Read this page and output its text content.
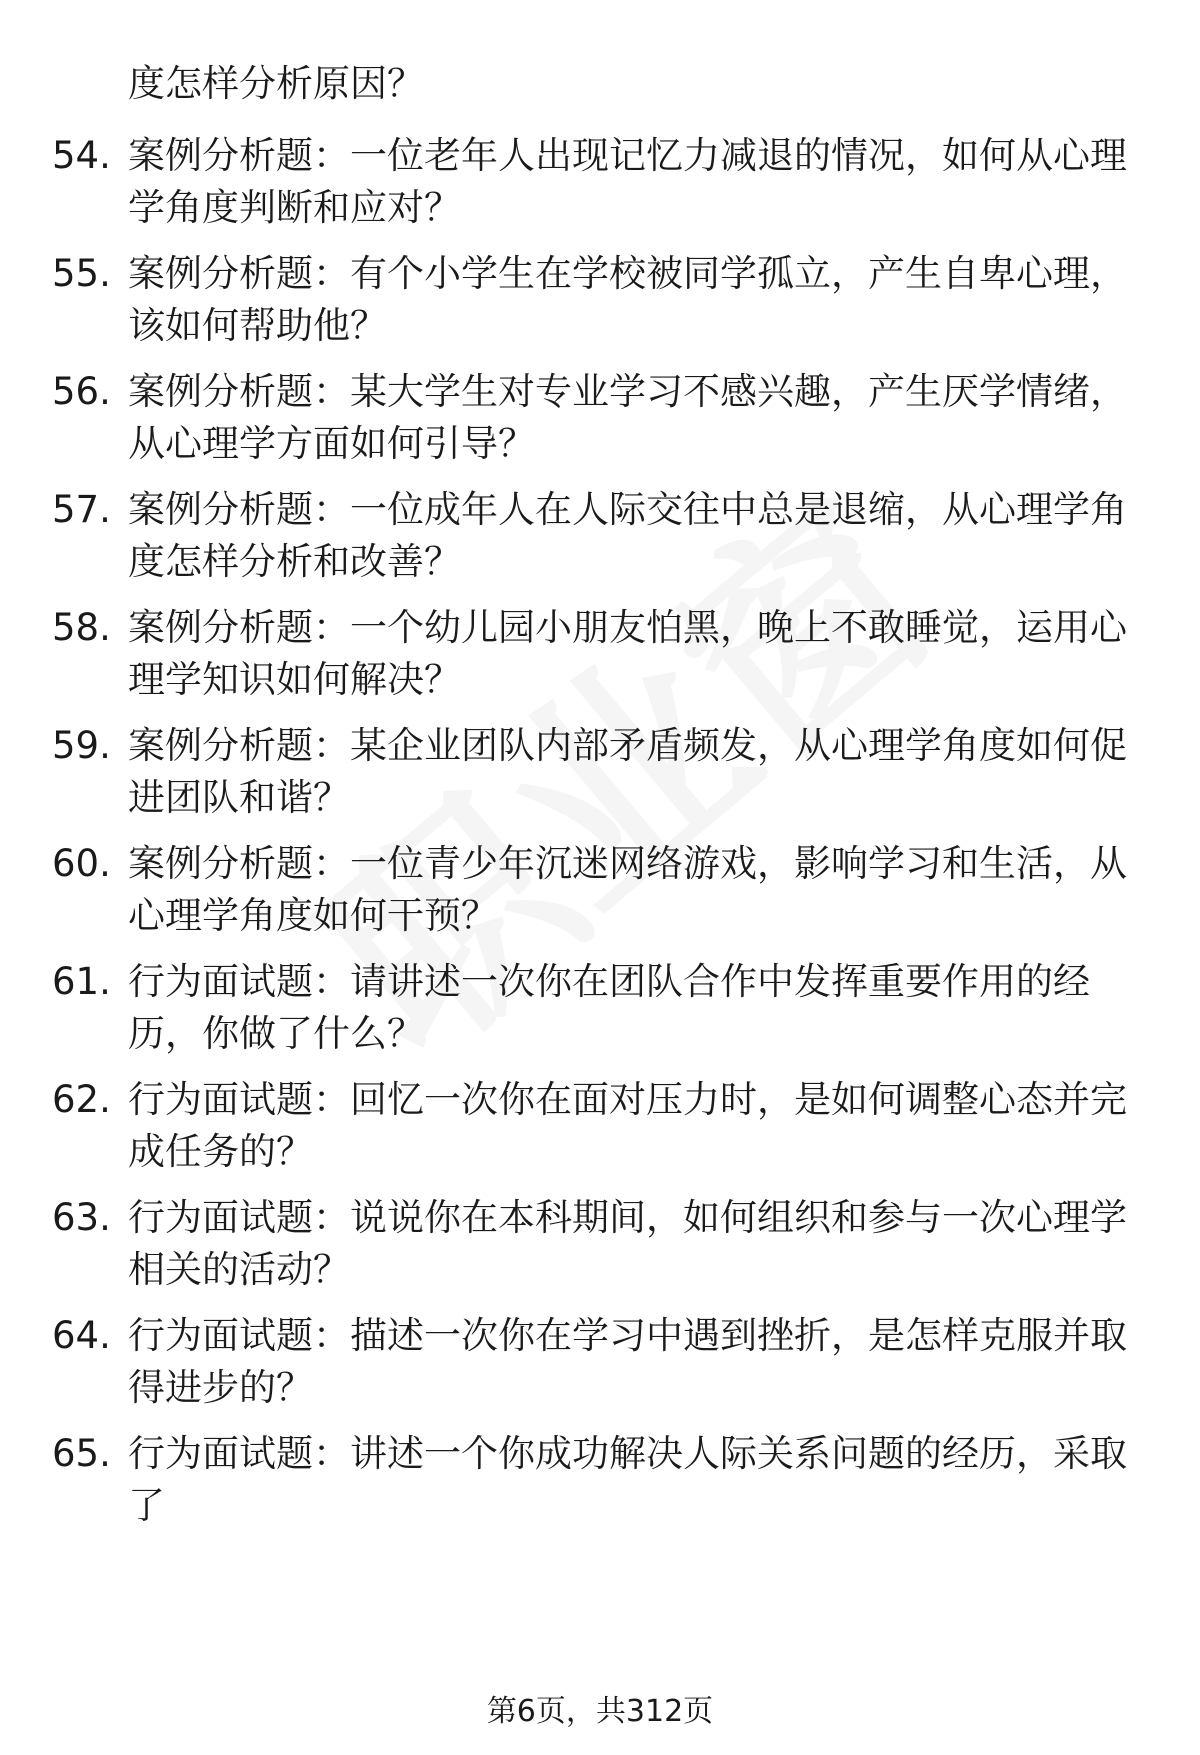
度怎样分析原因？

54. 案例分析题：一位老年人出现记忆力减退的情况，如何从心理学角度判断和应对？

55. 案例分析题：有个小学生在学校被同学孤立，产生自卑心理，该如何帮助他？

56. 案例分析题：某大学生对专业学习不感兴趣，产生厌学情绪，从心理学方面如何引导？

57. 案例分析题：一位成年人在人际交往中总是退缩，从心理学角度怎样分析和改善？

58. 案例分析题：一个幼儿园小朋友怕黑，晚上不敢睡觉，运用心理学知识如何解决？

59. 案例分析题：某企业团队内部矛盾频发，从心理学角度如何促进团队和谐？

60. 案例分析题：一位青少年沉迷网络游戏，影响学习和生活，从心理学角度如何干预？

61. 行为面试题：请讲述一次你在团队合作中发挥重要作用的经历，你做了什么？

62. 行为面试题：回忆一次你在面对压力时，是如何调整心态并完成任务的？

63. 行为面试题：说说你在本科期间，如何组织和参与一次心理学相关的活动？

64. 行为面试题：描述一次你在学习中遇到挫折，是怎样克服并取得进步的？

65. 行为面试题：讲述一个你成功解决人际关系问题的经历，采取了

第6页，共312页
